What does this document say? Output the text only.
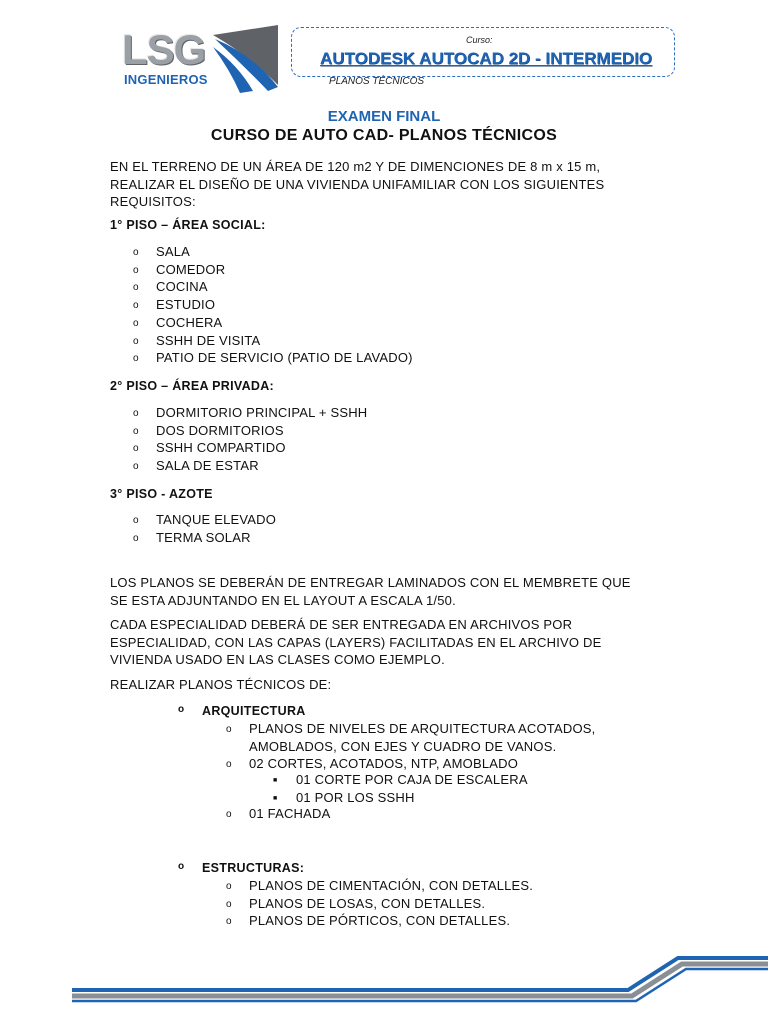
LSG
INGENIEROS
Curso:
AUTODESK AUTOCAD 2D - INTERMEDIO
PLANOS TÉCNICOS
EXAMEN FINAL
CURSO DE AUTO CAD- PLANOS TÉCNICOS

EN EL TERRENO DE UN ÁREA DE 120 m2 Y DE DIMENCIONES DE 8 m x 15 m, REALIZAR EL DISEÑO DE UNA VIVIENDA UNIFAMILIAR CON LOS SIGUIENTES REQUISITOS:

1° PISO – ÁREA SOCIAL:
o SALA
o COMEDOR
o COCINA
o ESTUDIO
o COCHERA
o SSHH DE VISITA
o PATIO DE SERVICIO (PATIO DE LAVADO)
2° PISO – ÁREA PRIVADA:
o DORMITORIO PRINCIPAL + SSHH
o DOS DORMITORIOS
o SSHH COMPARTIDO
o SALA DE ESTAR
3° PISO - AZOTE
o TANQUE ELEVADO
o TERMA SOLAR

LOS PLANOS SE DEBERÁN DE ENTREGAR LAMINADOS CON EL MEMBRETE QUE SE ESTA ADJUNTANDO EN EL LAYOUT A ESCALA 1/50.

CADA ESPECIALIDAD DEBERÁ DE SER ENTREGADA EN ARCHIVOS POR ESPECIALIDAD, CON LAS CAPAS (LAYERS) FACILITADAS EN EL ARCHIVO DE VIVIENDA USADO EN LAS CLASES COMO EJEMPLO.

REALIZAR PLANOS TÉCNICOS DE:

o ARQUITECTURA
o PLANOS DE NIVELES DE ARQUITECTURA ACOTADOS, AMOBLADOS, CON EJES Y CUADRO DE VANOS.
o 02 CORTES, ACOTADOS, NTP, AMOBLADO
■ 01 CORTE POR CAJA DE ESCALERA
■ 01 POR LOS SSHH
o 01 FACHADA
o ESTRUCTURAS:
o PLANOS DE CIMENTACIÓN, CON DETALLES.
o PLANOS DE LOSAS, CON DETALLES.
o PLANOS DE PÓRTICOS, CON DETALLES.
